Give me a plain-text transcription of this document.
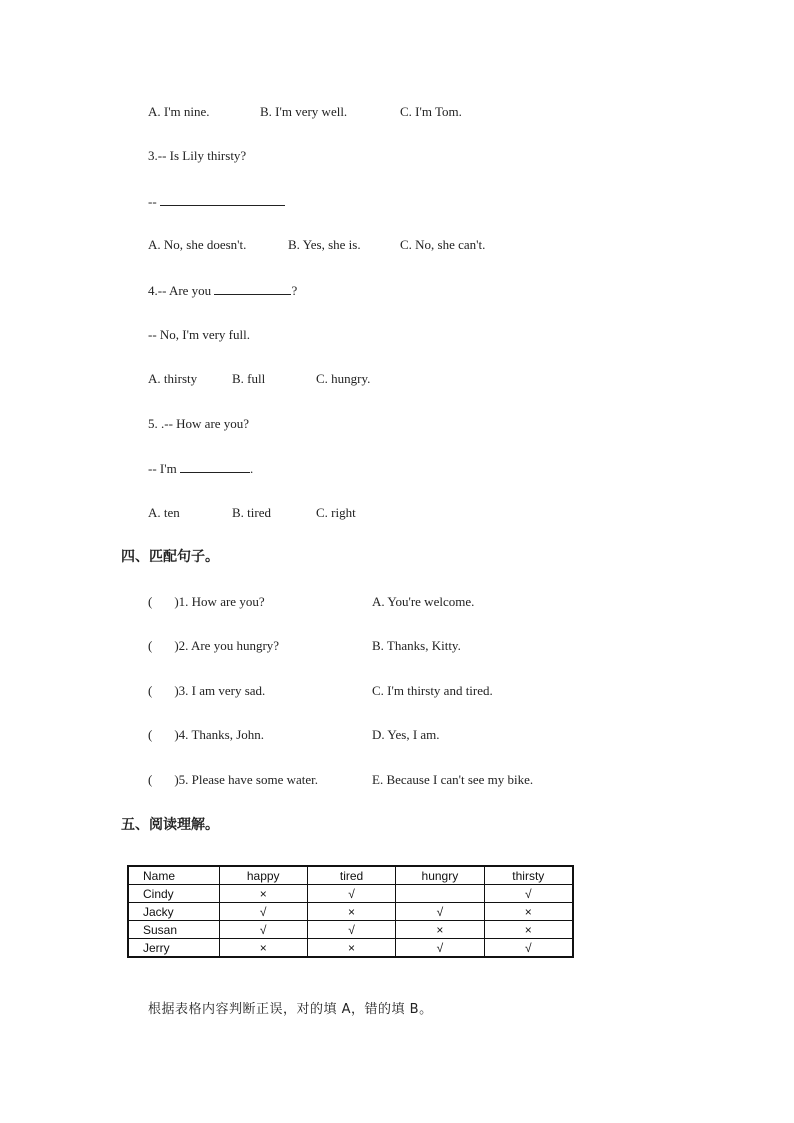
A. I'm nine.	B. I'm very well.	C. I'm Tom.
3.-- Is Lily thirsty?
--
A. No, she doesn't.	B. Yes, she is.	C. No, she can't.
4.-- Are you	?
-- No, I'm very full.
A. thirsty	B. full	C. hungry.
5. .-- How are you?
-- I'm	.
A. ten	B. tired	C. right
四、匹配句子。
( )1. How are you?	A. You're welcome.
( )2. Are you hungry?	B. Thanks, Kitty.
( )3. I am very sad.	C. I'm thirsty and tired.
( )4. Thanks, John.	D. Yes, I am.
( )5. Please have some water.	E. Because I can't see my bike.
五、阅读理解。
Name	happy	tired	hungry	thirsty
Cindy	×	√		√
Jacky	√	×	√	×
Susan	√	√	×	×
Jerry	×	×	√	√
根据表格内容判断正误，对的填 A，错的填 B。
